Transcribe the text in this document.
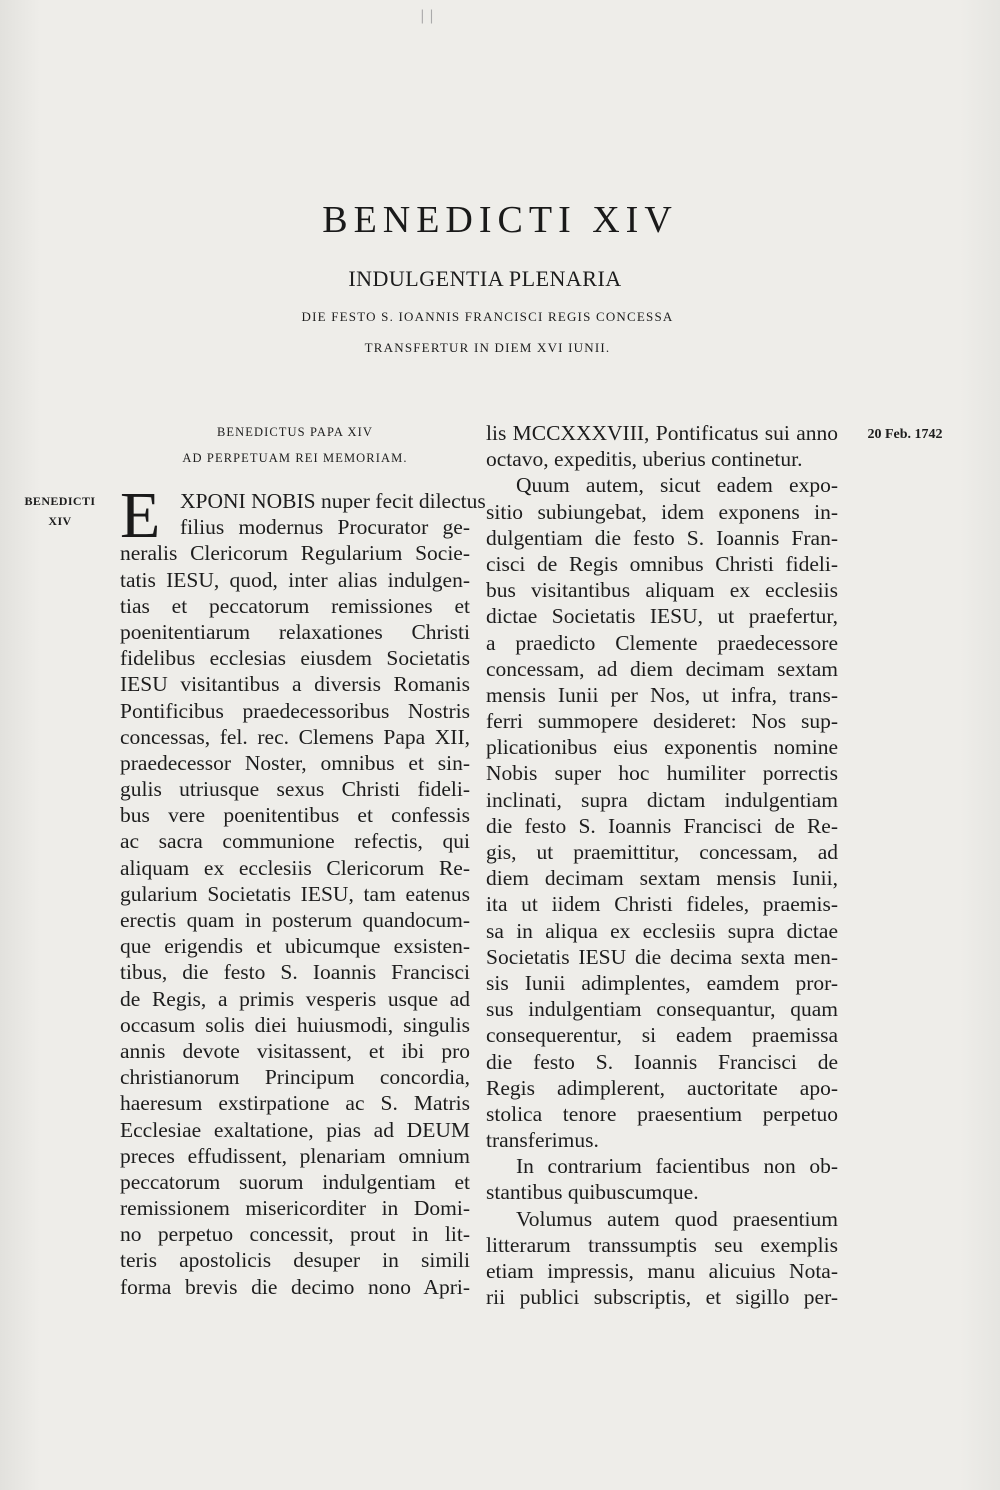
| |
BENEDICTI XIV
INDULGENTIA PLENARIA
DIE FESTO S. IOANNIS FRANCISCI REGIS CONCESSA
TRANSFERTUR IN DIEM XVI IUNII.
BENEDICTUS PAPA XIV
AD PERPETUAM REI MEMORIAM.
BENEDICTI
XIV
20 Feb. 1742
E XPONI NOBIS nuper fecit dilectus
filius modernus Procurator ge-
neralis Clericorum Regularium Socie-
tatis IESU, quod, inter alias indulgen-
tias et peccatorum remissiones et
poenitentiarum relaxationes Christi
fidelibus ecclesias eiusdem Societatis
IESU visitantibus a diversis Romanis
Pontificibus praedecessoribus Nostris
concessas, fel. rec. Clemens Papa XII,
praedecessor Noster, omnibus et sin-
gulis utriusque sexus Christi fideli-
bus vere poenitentibus et confessis
ac sacra communione refectis, qui
aliquam ex ecclesiis Clericorum Re-
gularium Societatis IESU, tam eatenus
erectis quam in posterum quandocum-
que erigendis et ubicumque exsisten-
tibus, die festo S. Ioannis Francisci
de Regis, a primis vesperis usque ad
occasum solis diei huiusmodi, singulis
annis devote visitassent, et ibi pro
christianorum Principum concordia,
haeresum exstirpatione ac S. Matris
Ecclesiae exaltatione, pias ad DEUM
preces effudissent, plenariam omnium
peccatorum suorum indulgentiam et
remissionem misericorditer in Domi-
no perpetuo concessit, prout in lit-
teris apostolicis desuper in simili
forma brevis die decimo nono Apri-
lis MCCXXXVIII, Pontificatus sui anno
octavo, expeditis, uberius continetur.
Quum autem, sicut eadem expo-
sitio subiungebat, idem exponens in-
dulgentiam die festo S. Ioannis Fran-
cisci de Regis omnibus Christi fideli-
bus visitantibus aliquam ex ecclesiis
dictae Societatis IESU, ut praefertur,
a praedicto Clemente praedecessore
concessam, ad diem decimam sextam
mensis Iunii per Nos, ut infra, trans-
ferri summopere desideret: Nos sup-
plicationibus eius exponentis nomine
Nobis super hoc humiliter porrectis
inclinati, supra dictam indulgentiam
die festo S. Ioannis Francisci de Re-
gis, ut praemittitur, concessam, ad
diem decimam sextam mensis Iunii,
ita ut iidem Christi fideles, praemis-
sa in aliqua ex ecclesiis supra dictae
Societatis IESU die decima sexta men-
sis Iunii adimplentes, eamdem pror-
sus indulgentiam consequantur, quam
consequerentur, si eadem praemissa
die festo S. Ioannis Francisci de
Regis adimplerent, auctoritate apo-
stolica tenore praesentium perpetuo
transferimus.
In contrarium facientibus non ob-
stantibus quibuscumque.
Volumus autem quod praesentium
litterarum transsumptis seu exemplis
etiam impressis, manu alicuius Nota-
rii publici subscriptis, et sigillo per-
